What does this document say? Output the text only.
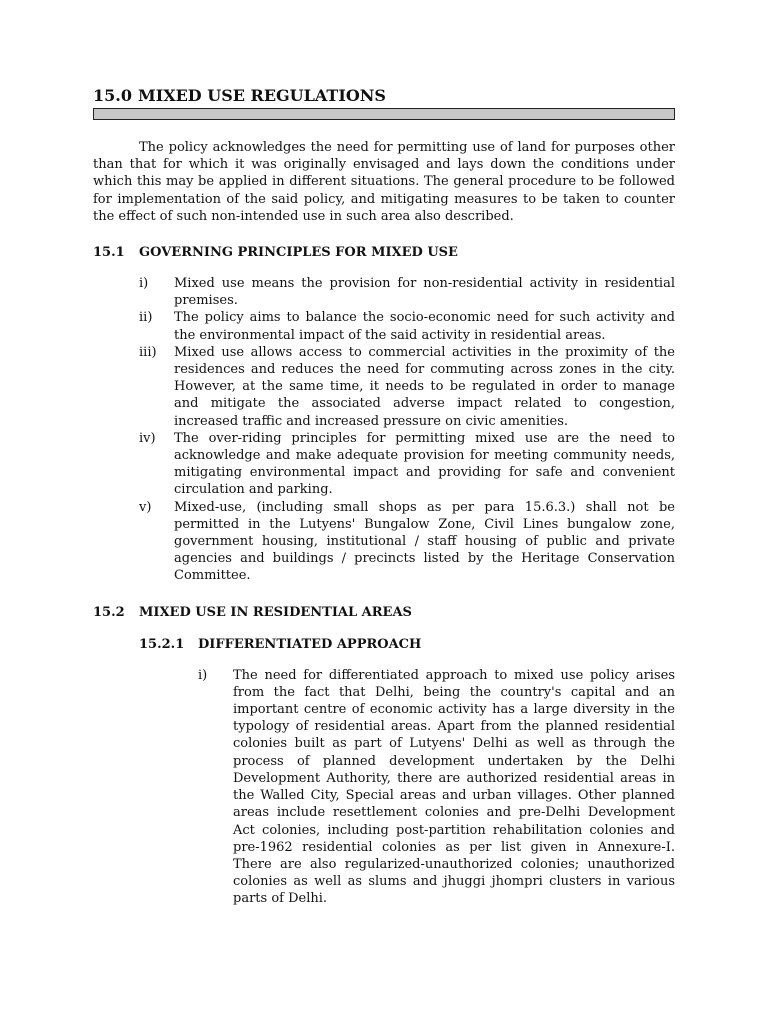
15.0 MIXED USE REGULATIONS

The policy acknowledges the need for permitting use of land for purposes other than that for which it was originally envisaged and lays down the conditions under which this may be applied in different situations. The general procedure to be followed for implementation of the said policy, and mitigating measures to be taken to counter the effect of such non-intended use in such area also described.

15.1	GOVERNING PRINCIPLES FOR MIXED USE
i)	Mixed use means the provision for non-residential activity in residential premises.
ii)	The policy aims to balance the socio-economic need for such activity and the environmental impact of the said activity in residential areas.
iii)	Mixed use allows access to commercial activities in the proximity of the residences and reduces the need for commuting across zones in the city. However, at the same time, it needs to be regulated in order to manage and mitigate the associated adverse impact related to congestion, increased traffic and increased pressure on civic amenities.
iv)	The over-riding principles for permitting mixed use are the need to acknowledge and make adequate provision for meeting community needs, mitigating environmental impact and providing for safe and convenient circulation and parking.
v)	Mixed-use, (including small shops as per para 15.6.3.) shall not be permitted in the Lutyens' Bungalow Zone, Civil Lines bungalow zone, government housing, institutional / staff housing of public and private agencies and buildings / precincts listed by the Heritage Conservation Committee.
15.2	MIXED USE IN RESIDENTIAL AREAS
15.2.1	DIFFERENTIATED APPROACH
i)	The need for differentiated approach to mixed use policy arises from the fact that Delhi, being the country's capital and an important centre of economic activity has a large diversity in the typology of residential areas. Apart from the planned residential colonies built as part of Lutyens' Delhi as well as through the process of planned development undertaken by the Delhi Development Authority, there are authorized residential areas in the Walled City, Special areas and urban villages. Other planned areas include resettlement colonies and pre-Delhi Development Act colonies, including post-partition rehabilitation colonies and pre-1962 residential colonies as per list given in Annexure-I. There are also regularized-unauthorized colonies; unauthorized colonies as well as slums and jhuggi jhompri clusters in various parts of Delhi.
